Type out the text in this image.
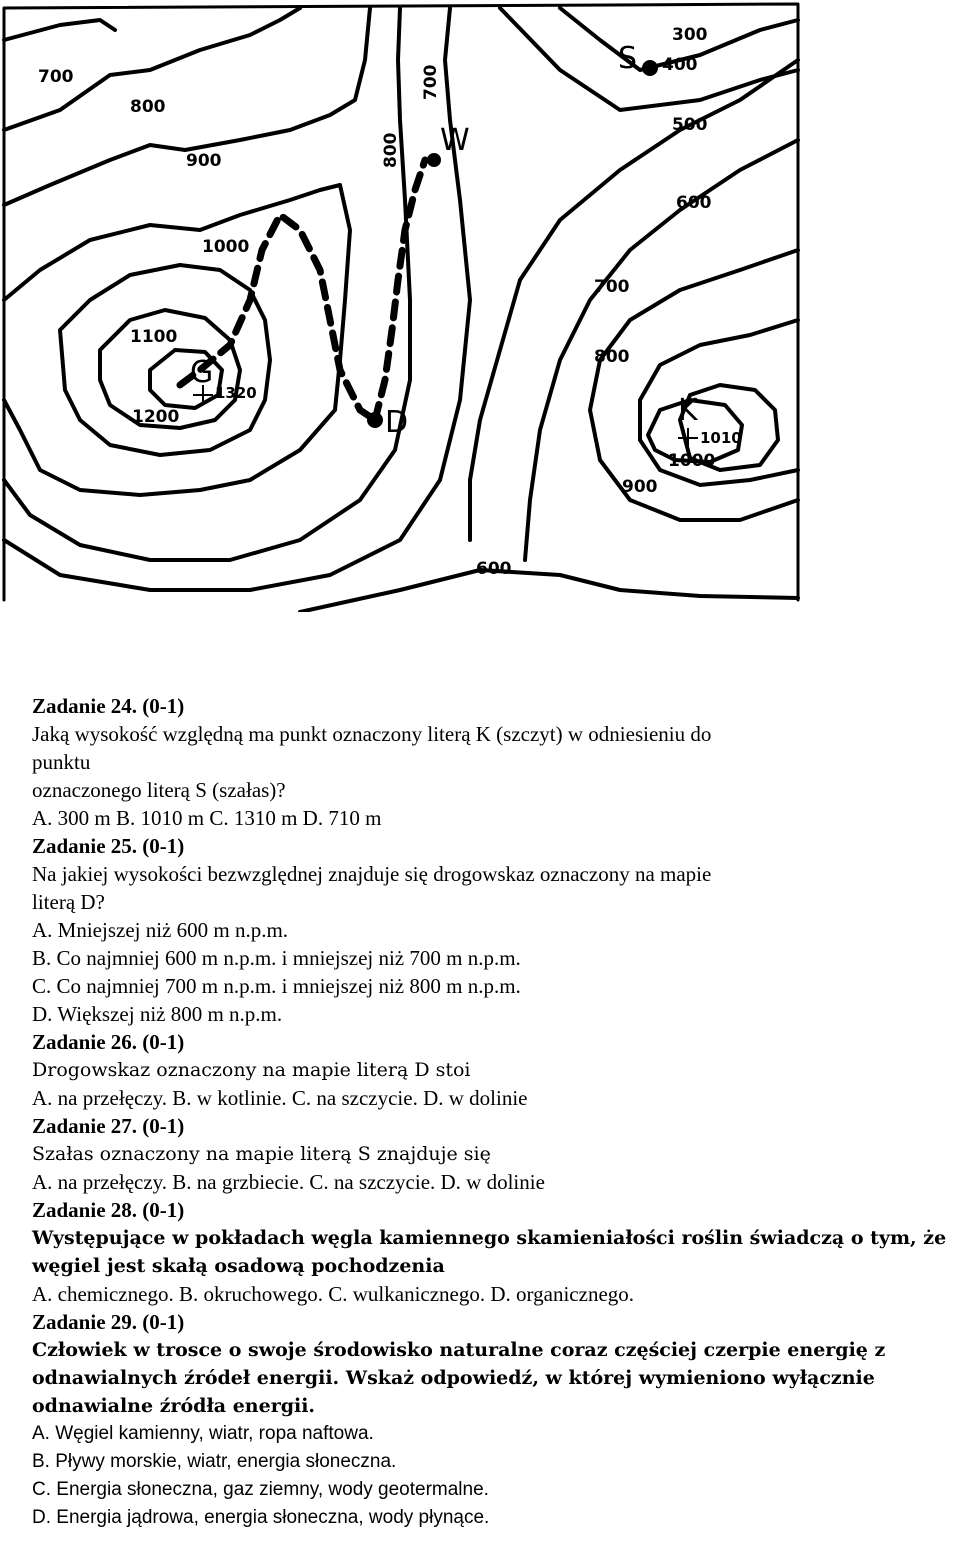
G
W
S
D	K
1320
1010
700
800
900
1000
1100
1200
700
800
300
400
500
600
700
800
900
1000
600
Zadanie 24. (0-1)
Jaką wysokość względną ma punkt oznaczony literą K (szczyt) w odniesieniu do
punktu
oznaczonego literą S (szałas)?
A. 300 m B. 1010 m C. 1310 m D. 710 m
Zadanie 25. (0-1)
Na jakiej wysokości bezwzględnej znajduje się drogowskaz oznaczony na mapie
literą D?
A. Mniejszej niż 600 m n.p.m.
B. Co najmniej 600 m n.p.m. i mniejszej niż 700 m n.p.m.
C. Co najmniej 700 m n.p.m. i mniejszej niż 800 m n.p.m.
D. Większej niż 800 m n.p.m.
Zadanie 26. (0-1)
Drogowskaz oznaczony na mapie literą D stoi
A. na przełęczy. B. w kotlinie. C. na szczycie. D. w dolinie
Zadanie 27. (0-1)
Szałas oznaczony na mapie literą S znajduje się
A. na przełęczy. B. na grzbiecie. C. na szczycie. D. w dolinie
Zadanie 28. (0-1)
Występujące w pokładach węgla kamiennego skamieniałości roślin świadczą o tym, że węgiel jest skałą osadową pochodzenia
A. chemicznego. B. okruchowego. C. wulkanicznego. D. organicznego.
Zadanie 29. (0-1)
Człowiek w trosce o swoje środowisko naturalne coraz częściej czerpie energię z odnawialnych źródeł energii. Wskaż odpowiedź, w której wymieniono wyłącznie odnawialne źródła energii.
A. Węgiel kamienny, wiatr, ropa naftowa.
B. Pływy morskie, wiatr, energia słoneczna.
C. Energia słoneczna, gaz ziemny, wody geotermalne.
D. Energia jądrowa, energia słoneczna, wody płynące.
